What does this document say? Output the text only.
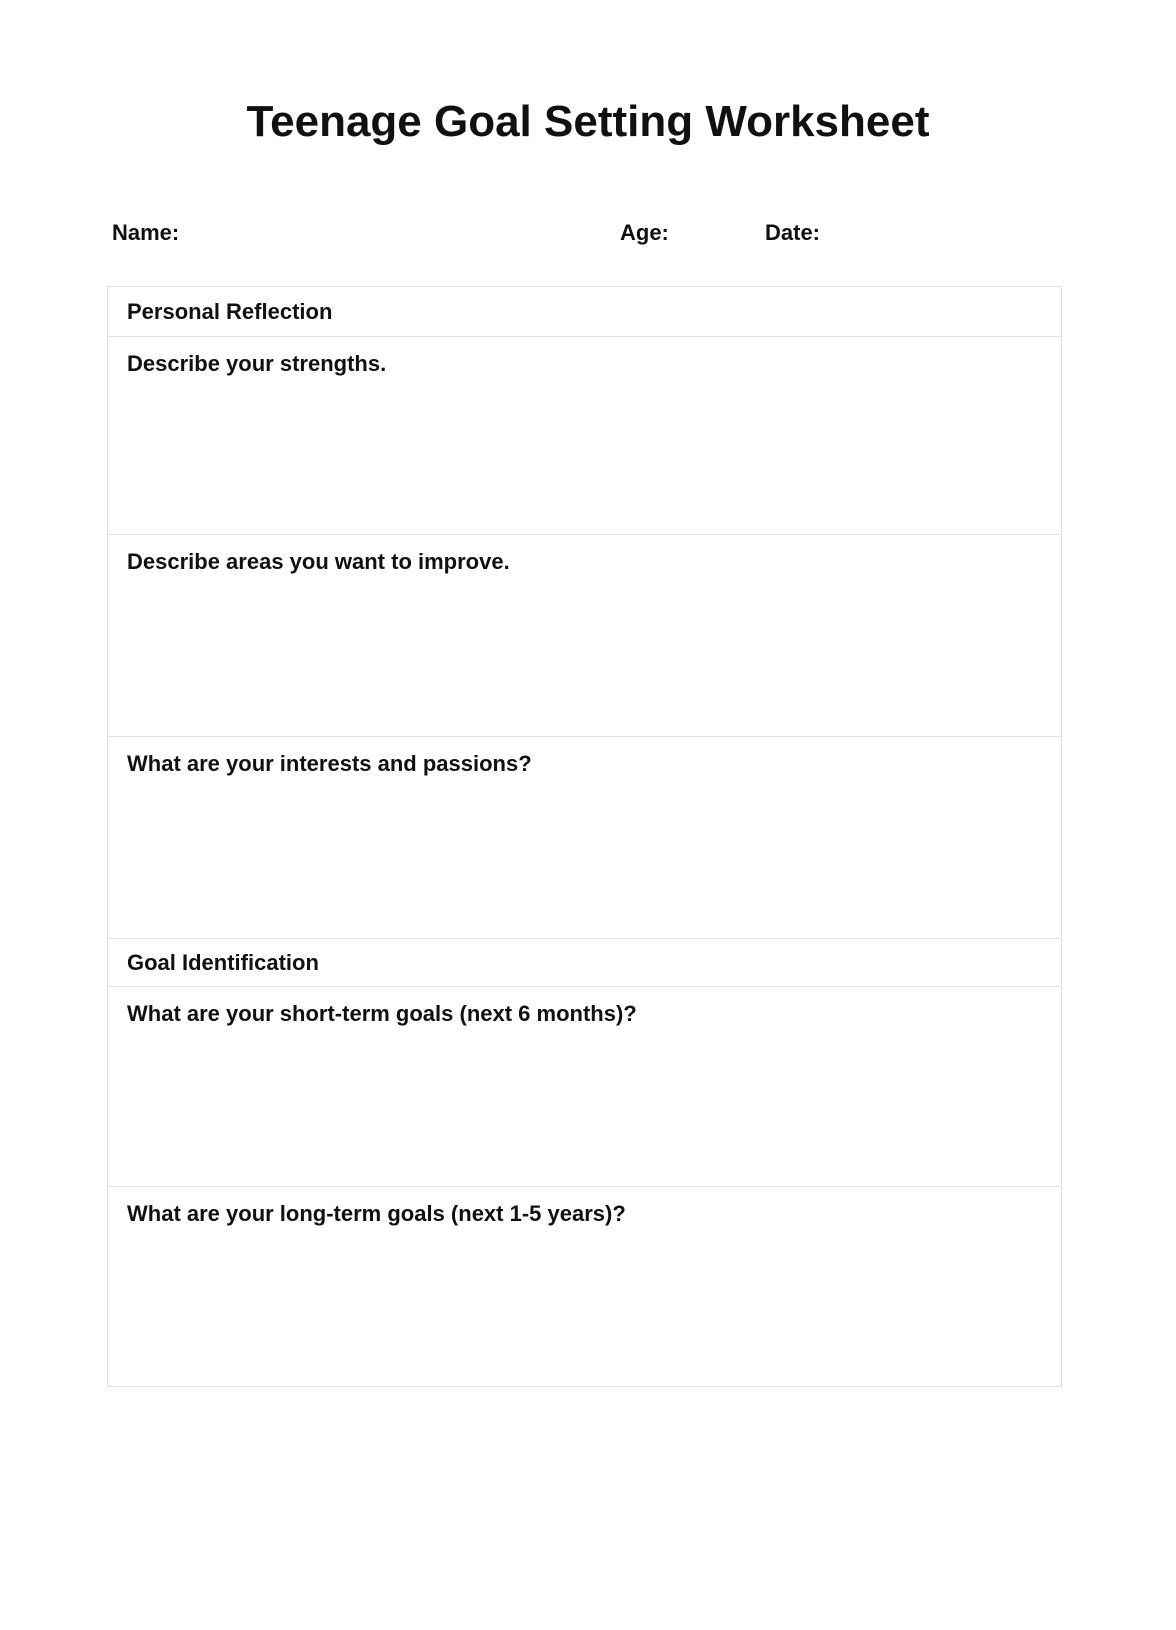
Teenage Goal Setting Worksheet
Name:	Age:	Date:
Personal Reflection
Describe your strengths.
Describe areas you want to improve.
What are your interests and passions?
Goal Identification
What are your short-term goals (next 6 months)?
What are your long-term goals (next 1-5 years)?
